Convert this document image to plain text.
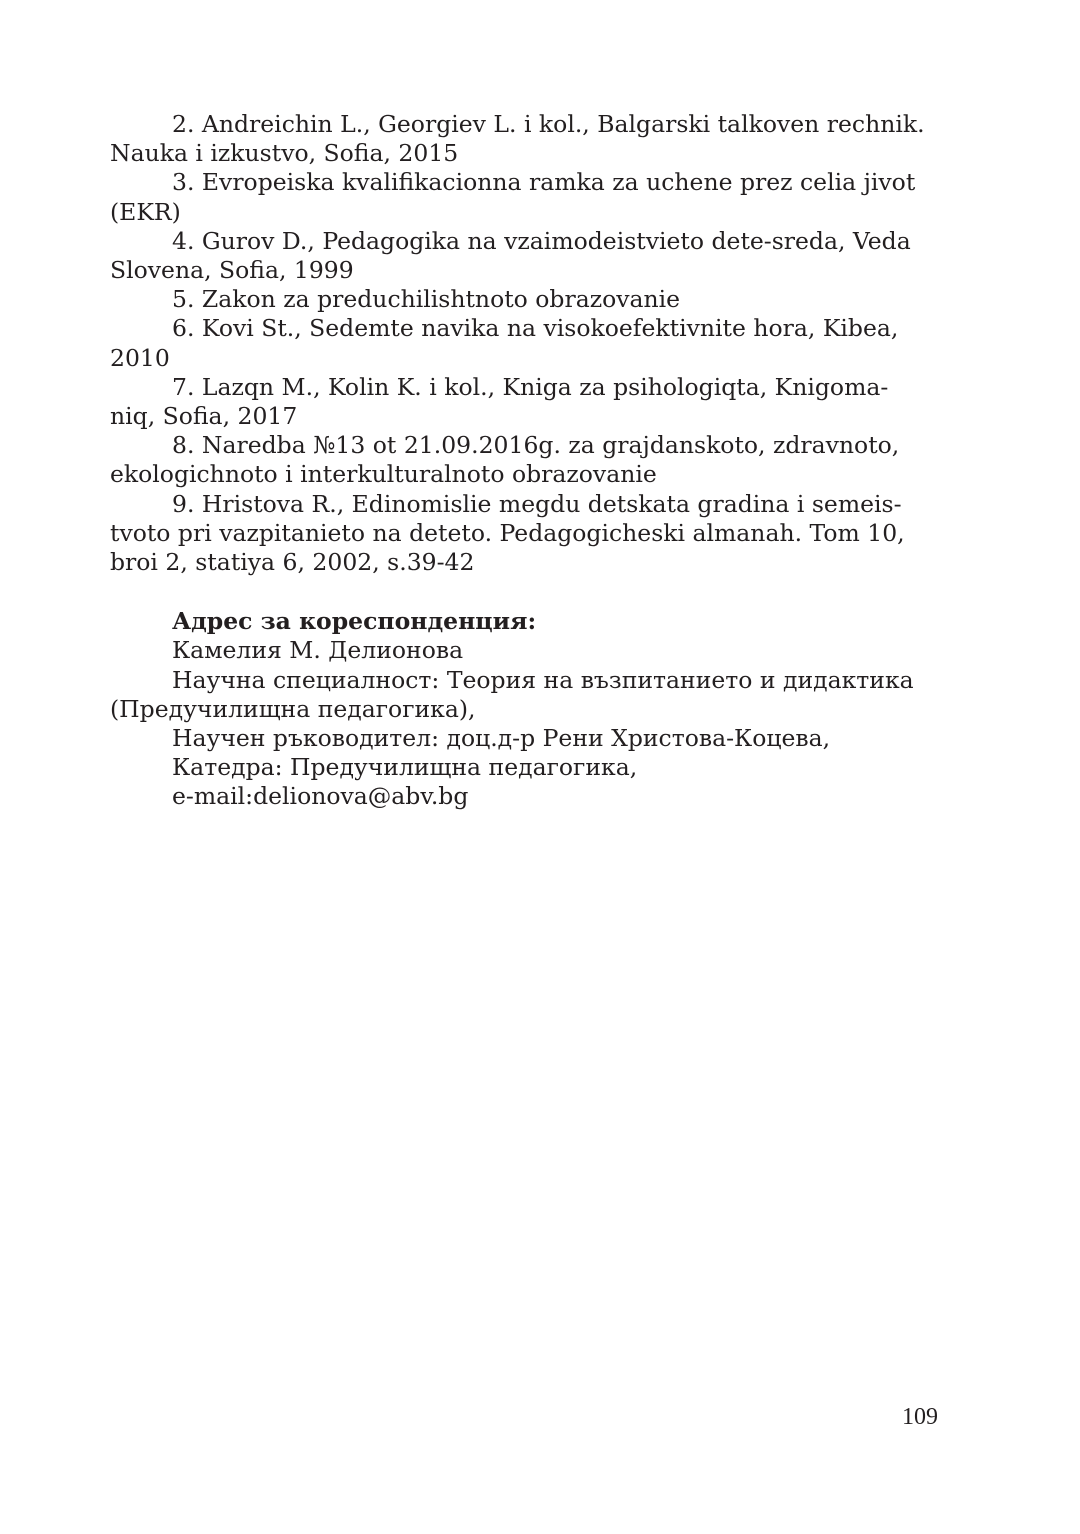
2. Andreichin L., Georgiev L. i kol., Balgarski talkoven rechnik.
Nauka i izkustvo, Sofia, 2015

3. Evropeiska kvalifikacionna ramka za uchene prez celia jivot
(EKR)

4. Gurov D., Pedagogika na vzaimodeistvieto dete-sreda, Veda
Slovena, Sofia, 1999

5. Zakon za preduchilishtnoto obrazovanie

6. Kovi St., Sedemte navika na visokoefektivnite hora, Kibea,
2010

7. Lazqn M., Kolin K. i kol., Kniga za psihologiqta, Knigoma-
niq, Sofia, 2017

8. Naredba №13 ot 21.09.2016g. za grajdanskoto, zdravnoto,
ekologichnoto i interkulturalnoto obrazovanie

9. Hristova R., Edinomislie megdu detskata gradina i semeis-
tvoto pri vazpitanieto na deteto. Pedagogicheski almanah. Tom 10,
broi 2, statiya 6, 2002, s.39-42

Адрес за кореспонденция:

Камелия М. Делионова

Научна специалност: Теория на възпитанието и дидактика (Предучилищна педагогика),

Научен ръководител: доц.д-р Рени Христова-Коцева,

Катедра: Предучилищна педагогика,

e-mail:delionova@abv.bg

109
